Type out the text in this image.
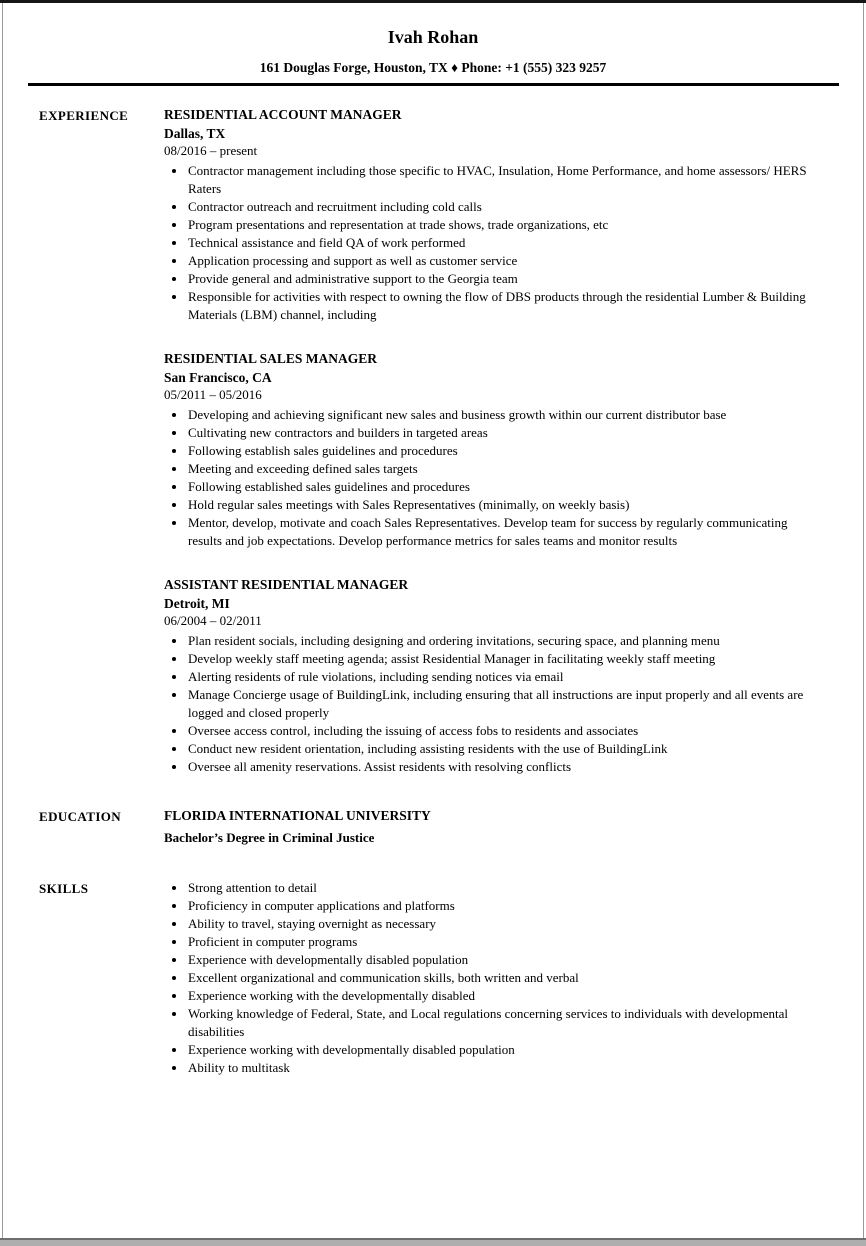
Ivah Rohan
161 Douglas Forge, Houston, TX ♦ Phone: +1 (555) 323 9257
EXPERIENCE	RESIDENTIAL ACCOUNT MANAGER
Dallas, TX
08/2016 – present
• Contractor management including those specific to HVAC, Insulation, Home Performance, and home assessors/ HERS Raters
• Contractor outreach and recruitment including cold calls
• Program presentations and representation at trade shows, trade organizations, etc
• Technical assistance and field QA of work performed
• Application processing and support as well as customer service
• Provide general and administrative support to the Georgia team
• Responsible for activities with respect to owning the flow of DBS products through the residential Lumber & Building Materials (LBM) channel, including
RESIDENTIAL SALES MANAGER
San Francisco, CA
05/2011 – 05/2016
• Developing and achieving significant new sales and business growth within our current distributor base
• Cultivating new contractors and builders in targeted areas
• Following establish sales guidelines and procedures
• Meeting and exceeding defined sales targets
• Following established sales guidelines and procedures
• Hold regular sales meetings with Sales Representatives (minimally, on weekly basis)
• Mentor, develop, motivate and coach Sales Representatives. Develop team for success by regularly communicating results and job expectations. Develop performance metrics for sales teams and monitor results
ASSISTANT RESIDENTIAL MANAGER
Detroit, MI
06/2004 – 02/2011
• Plan resident socials, including designing and ordering invitations, securing space, and planning menu
• Develop weekly staff meeting agenda; assist Residential Manager in facilitating weekly staff meeting
• Alerting residents of rule violations, including sending notices via email
• Manage Concierge usage of BuildingLink, including ensuring that all instructions are input properly and all events are logged and closed properly
• Oversee access control, including the issuing of access fobs to residents and associates
• Conduct new resident orientation, including assisting residents with the use of BuildingLink
• Oversee all amenity reservations. Assist residents with resolving conflicts
EDUCATION	FLORIDA INTERNATIONAL UNIVERSITY
Bachelor’s Degree in Criminal Justice
SKILLS	• Strong attention to detail
• Proficiency in computer applications and platforms
• Ability to travel, staying overnight as necessary
• Proficient in computer programs
• Experience with developmentally disabled population
• Excellent organizational and communication skills, both written and verbal
• Experience working with the developmentally disabled
• Working knowledge of Federal, State, and Local regulations concerning services to individuals with developmental disabilities
• Experience working with developmentally disabled population
• Ability to multitask
